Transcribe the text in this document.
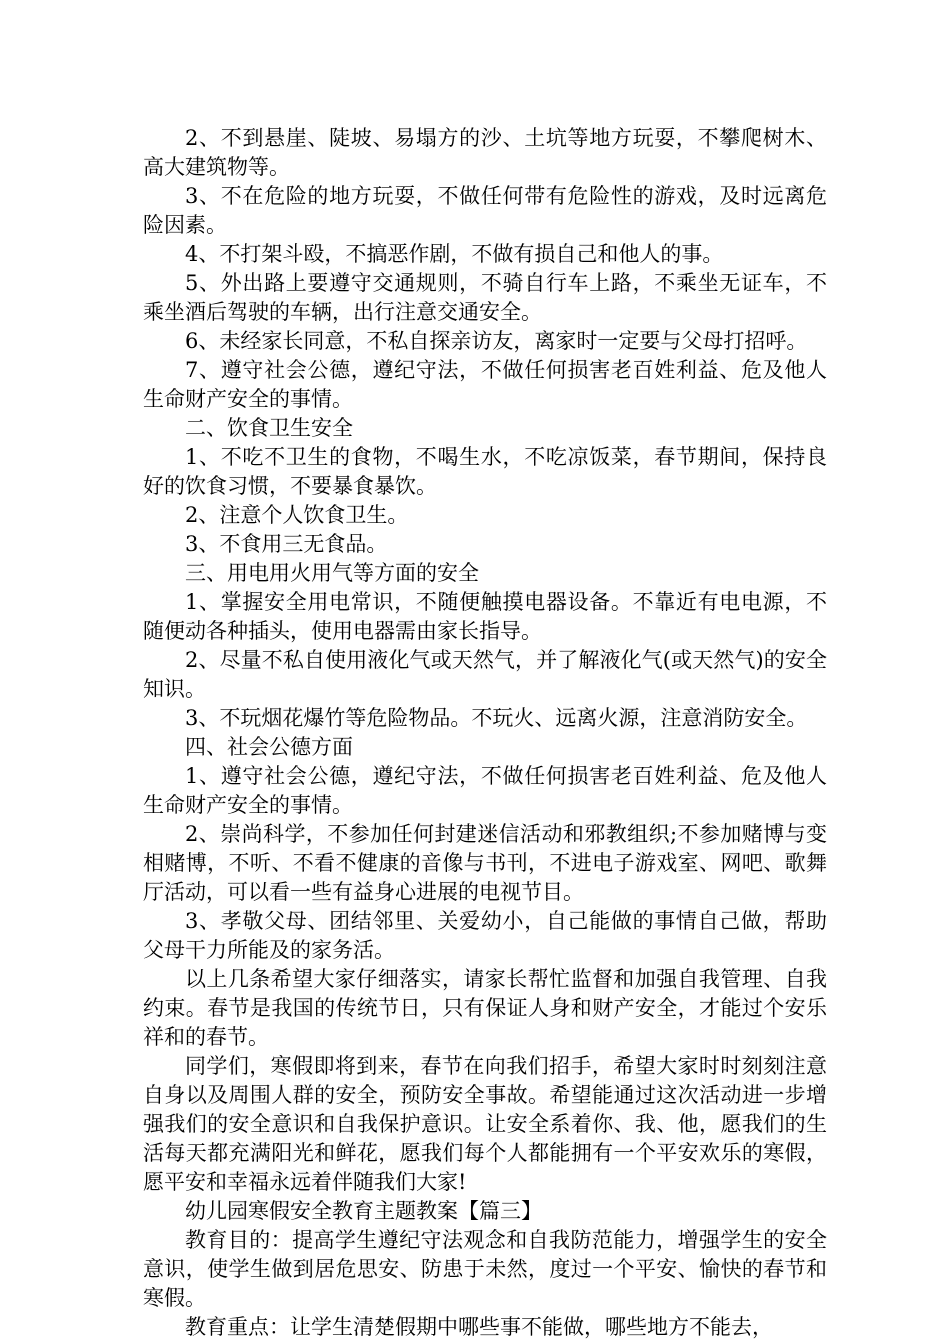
2、不到悬崖、陡坡、易塌方的沙、土坑等地方玩耍，不攀爬树木、高大建筑物等。

3、不在危险的地方玩耍，不做任何带有危险性的游戏，及时远离危险因素。

4、不打架斗殴，不搞恶作剧，不做有损自己和他人的事。

5、外出路上要遵守交通规则，不骑自行车上路，不乘坐无证车，不乘坐酒后驾驶的车辆，出行注意交通安全。

6、未经家长同意，不私自探亲访友，离家时一定要与父母打招呼。

7、遵守社会公德，遵纪守法，不做任何损害老百姓利益、危及他人生命财产安全的事情。

二、饮食卫生安全

1、不吃不卫生的食物，不喝生水，不吃凉饭菜，春节期间，保持良好的饮食习惯，不要暴食暴饮。

2、注意个人饮食卫生。

3、不食用三无食品。

三、用电用火用气等方面的安全

1、掌握安全用电常识，不随便触摸电器设备。不靠近有电电源，不随便动各种插头，使用电器需由家长指导。

2、尽量不私自使用液化气或天然气，并了解液化气(或天然气)的安全知识。

3、不玩烟花爆竹等危险物品。不玩火、远离火源，注意消防安全。

四、社会公德方面

1、遵守社会公德，遵纪守法，不做任何损害老百姓利益、危及他人生命财产安全的事情。

2、崇尚科学，不参加任何封建迷信活动和邪教组织;不参加赌博与变相赌博，不听、不看不健康的音像与书刊，不进电子游戏室、网吧、歌舞厅活动，可以看一些有益身心进展的电视节目。

3、孝敬父母、团结邻里、关爱幼小，自己能做的事情自己做，帮助父母干力所能及的家务活。

以上几条希望大家仔细落实，请家长帮忙监督和加强自我管理、自我约束。春节是我国的传统节日，只有保证人身和财产安全，才能过个安乐祥和的春节。

同学们，寒假即将到来，春节在向我们招手，希望大家时时刻刻注意自身以及周围人群的安全，预防安全事故。希望能通过这次活动进一步增强我们的安全意识和自我保护意识。让安全系着你、我、他，愿我们的生活每天都充满阳光和鲜花，愿我们每个人都能拥有一个平安欢乐的寒假，愿平安和幸福永远着伴随我们大家!

幼儿园寒假安全教育主题教案【篇三】

教育目的：提高学生遵纪守法观念和自我防范能力，增强学生的安全意识，使学生做到居危思安、防患于未然，度过一个平安、愉快的春节和寒假。

教育重点：让学生清楚假期中哪些事不能做，哪些地方不能去，
